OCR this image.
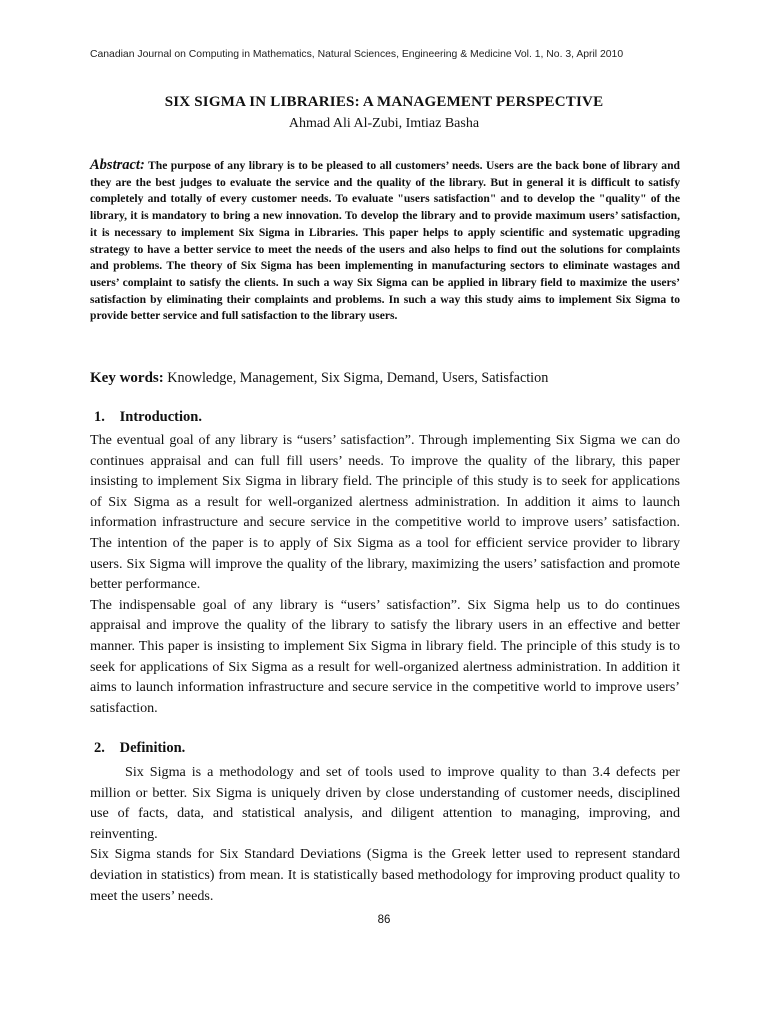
Canadian Journal on Computing in Mathematics, Natural Sciences, Engineering & Medicine Vol. 1, No. 3, April 2010
SIX SIGMA IN LIBRARIES: A MANAGEMENT PERSPECTIVE
Ahmad Ali Al-Zubi, Imtiaz Basha
Abstract: The purpose of any library is to be pleased to all customers’ needs. Users are the back bone of library and they are the best judges to evaluate the service and the quality of the library. But in general it is difficult to satisfy completely and totally of every customer needs. To evaluate "users satisfaction" and to develop the "quality" of the library, it is mandatory to bring a new innovation. To develop the library and to provide maximum users’ satisfaction, it is necessary to implement Six Sigma in Libraries. This paper helps to apply scientific and systematic upgrading strategy to have a better service to meet the needs of the users and also helps to find out the solutions for complaints and problems. The theory of Six Sigma has been implementing in manufacturing sectors to eliminate wastages and users’ complaint to satisfy the clients. In such a way Six Sigma can be applied in library field to maximize the users’ satisfaction by eliminating their complaints and problems. In such a way this study aims to implement Six Sigma to provide better service and full satisfaction to the library users.
Key words: Knowledge, Management, Six Sigma, Demand, Users, Satisfaction
1. Introduction.

The eventual goal of any library is “users’ satisfaction”. Through implementing Six Sigma we can do continues appraisal and can full fill users’ needs. To improve the quality of the library, this paper insisting to implement Six Sigma in library field. The principle of this study is to seek for applications of Six Sigma as a result for well-organized alertness administration. In addition it aims to launch information infrastructure and secure service in the competitive world to improve users’ satisfaction. The intention of the paper is to apply of Six Sigma as a tool for efficient service provider to library users. Six Sigma will improve the quality of the library, maximizing the users’ satisfaction and promote better performance.

The indispensable goal of any library is “users’ satisfaction”. Six Sigma help us to do continues appraisal and improve the quality of the library to satisfy the library users in an effective and better manner. This paper is insisting to implement Six Sigma in library field. The principle of this study is to seek for applications of Six Sigma as a result for well-organized alertness administration. In addition it aims to launch information infrastructure and secure service in the competitive world to improve users’ satisfaction.

2. Definition.

Six Sigma is a methodology and set of tools used to improve quality to than 3.4 defects per million or better. Six Sigma is uniquely driven by close understanding of customer needs, disciplined use of facts, data, and statistical analysis, and diligent attention to managing, improving, and reinventing.

Six Sigma stands for Six Standard Deviations (Sigma is the Greek letter used to represent standard deviation in statistics) from mean. It is statistically based methodology for improving product quality to meet the users’ needs.

86
